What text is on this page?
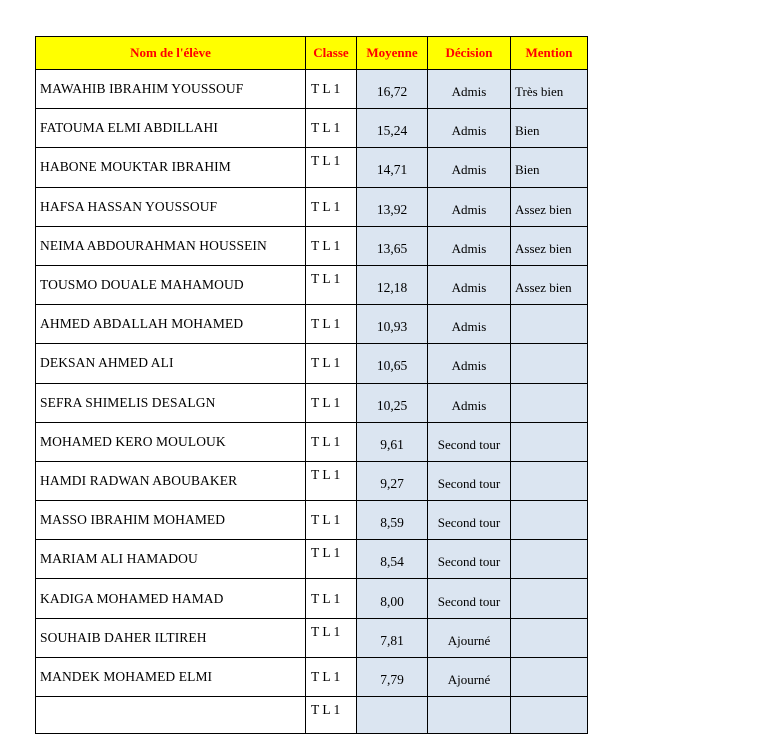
Nom de l'élève	Classe	Moyenne	Décision	Mention
MAWAHIB IBRAHIM YOUSSOUF	T L 1	16,72	Admis	Très bien
FATOUMA ELMI ABDILLAHI	T L 1	15,24	Admis	Bien
HABONE MOUKTAR IBRAHIM	T L 1	14,71	Admis	Bien
HAFSA HASSAN YOUSSOUF	T L 1	13,92	Admis	Assez bien
NEIMA ABDOURAHMAN HOUSSEIN	T L 1	13,65	Admis	Assez bien
TOUSMO DOUALE MAHAMOUD	T L 1	12,18	Admis	Assez bien
AHMED ABDALLAH MOHAMED	T L 1	10,93	Admis	
DEKSAN AHMED ALI	T L 1	10,65	Admis	
SEFRA SHIMELIS DESALGN	T L 1	10,25	Admis	
MOHAMED KERO MOULOUK	T L 1	9,61	Second tour	
HAMDI RADWAN ABOUBAKER	T L 1	9,27	Second tour	
MASSO IBRAHIM MOHAMED	T L 1	8,59	Second tour	
MARIAM ALI HAMADOU	T L 1	8,54	Second tour	
KADIGA MOHAMED HAMAD	T L 1	8,00	Second tour	
SOUHAIB DAHER ILTIREH	T L 1	7,81	Ajourné	
MANDEK MOHAMED ELMI	T L 1	7,79	Ajourné	
	T L 1			
